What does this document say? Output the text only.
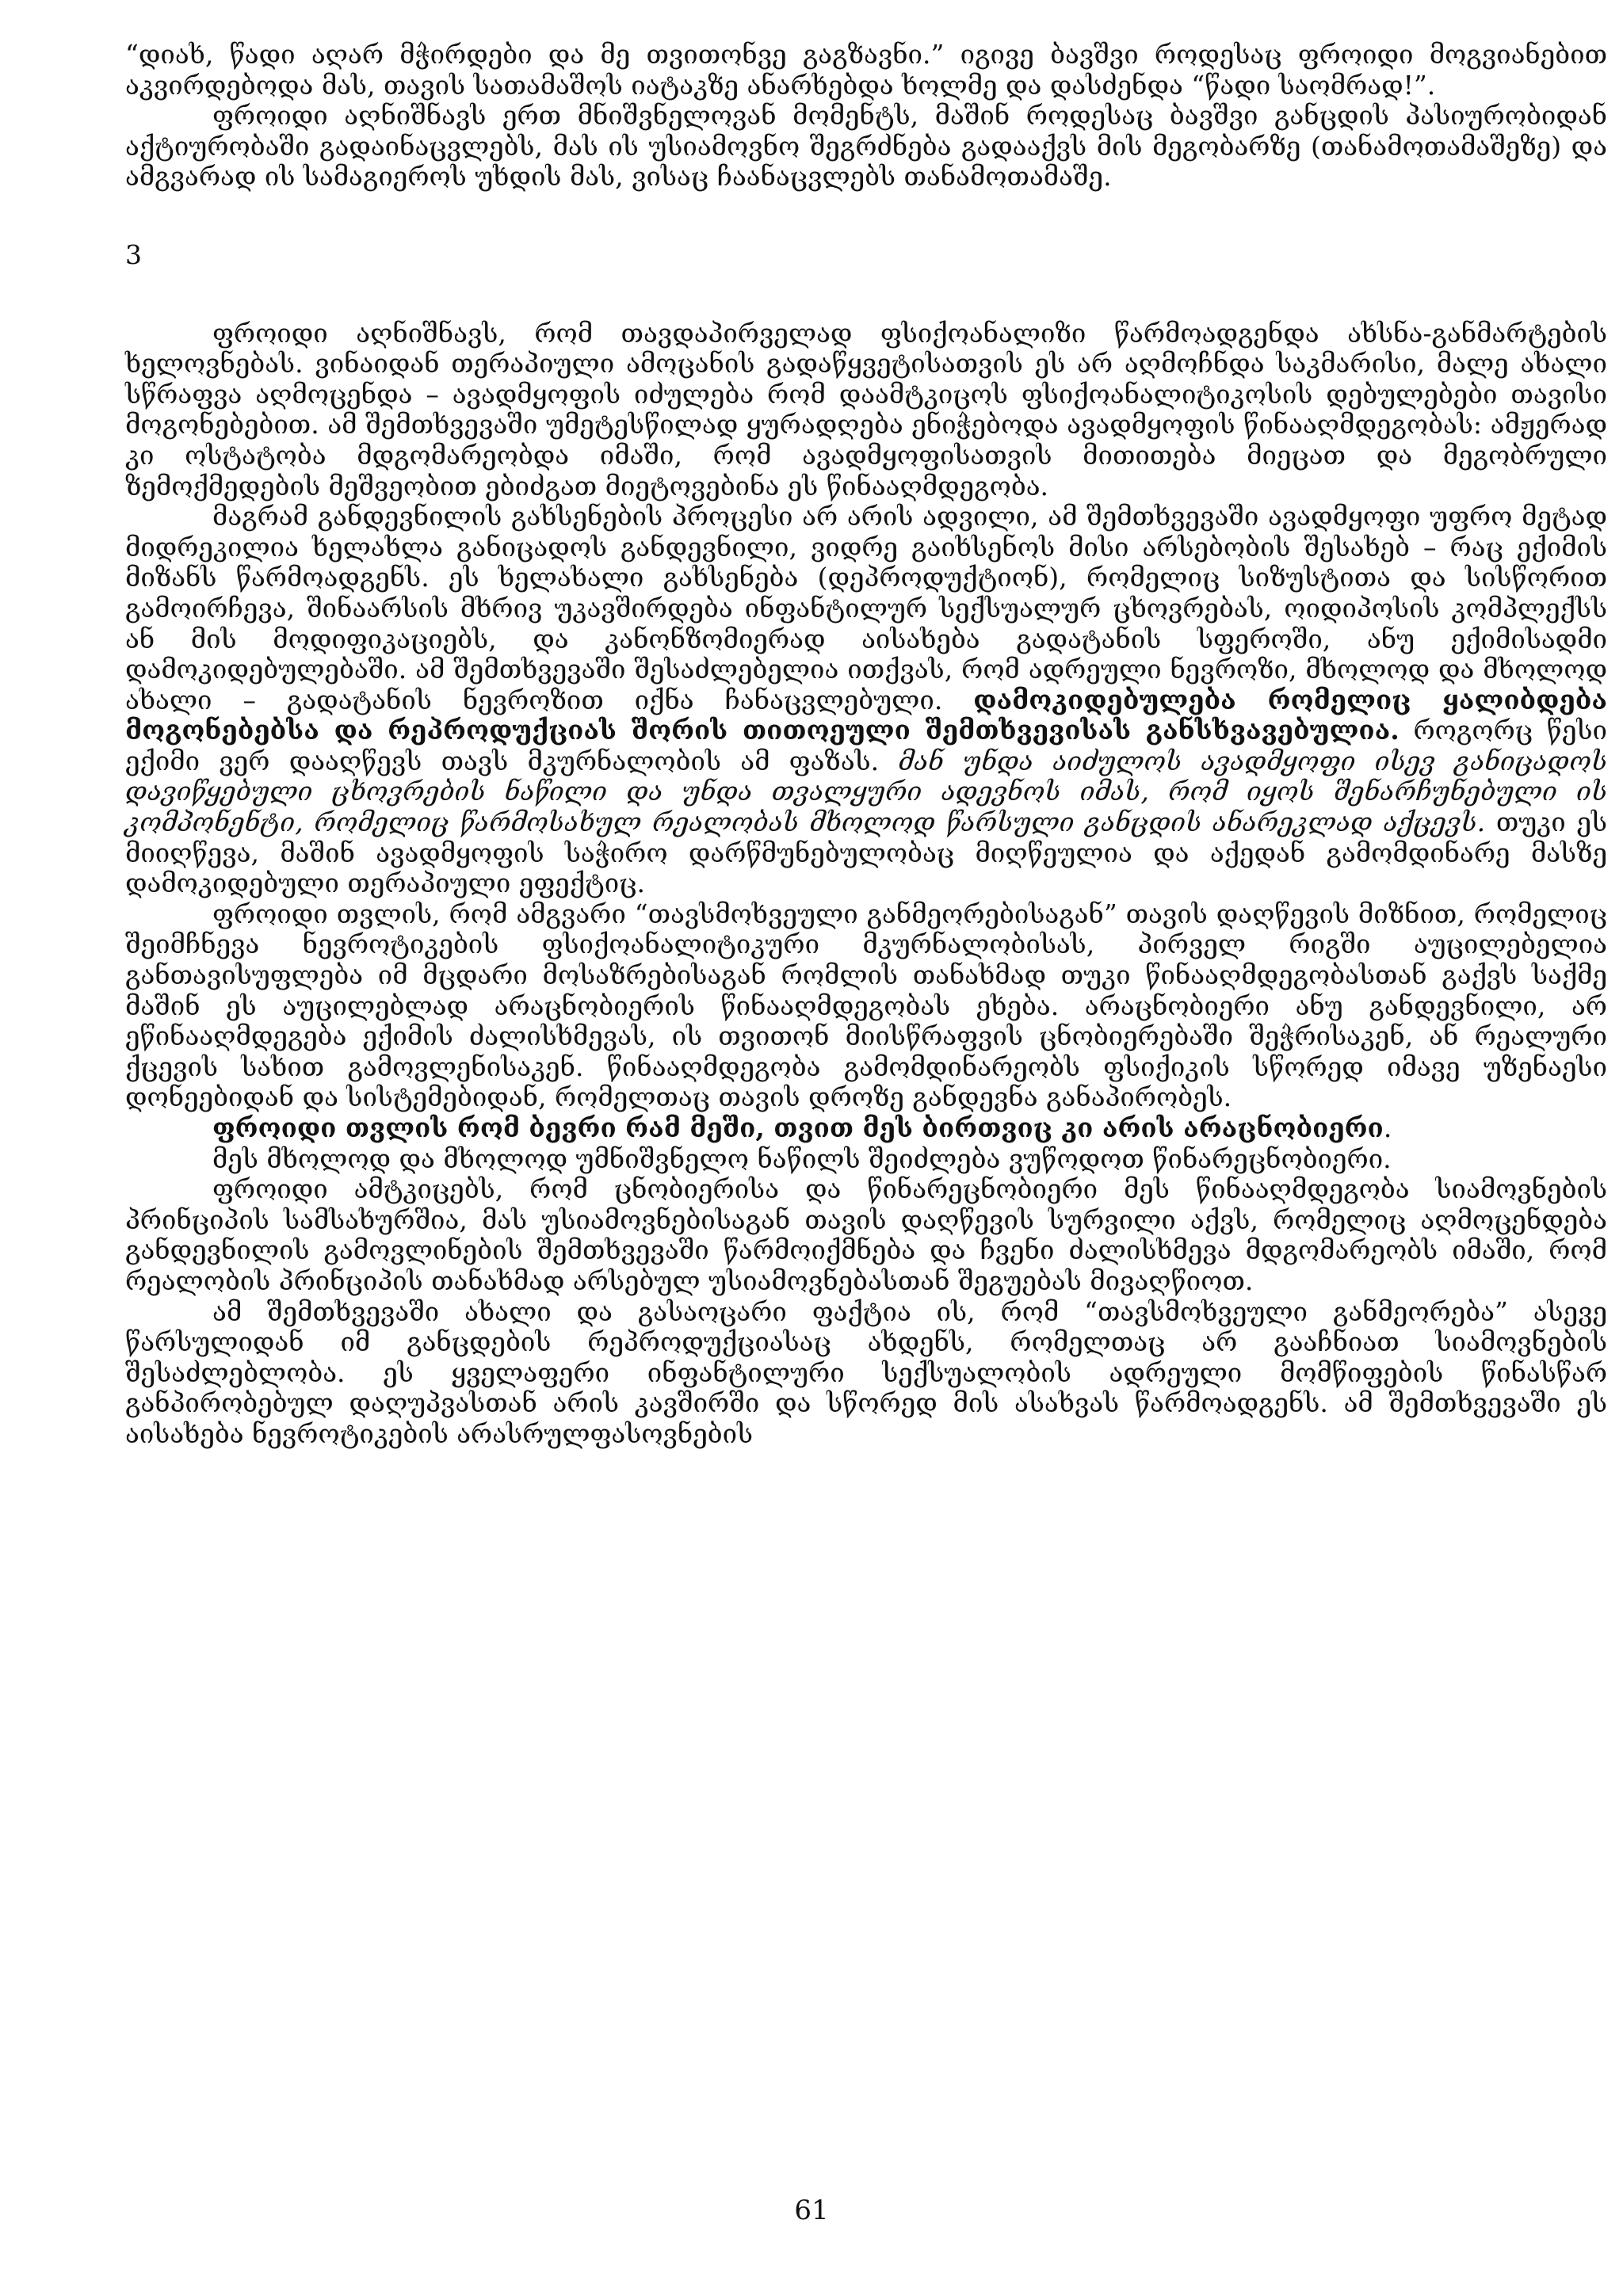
“დიახ, წადი აღარ მჭირდები და მე თვითონვე გაგზავნი.” იგივე ბავშვი როდესაც ფროიდი მოგვიანებით აკვირდებოდა მას, თავის სათამაშოს იატაკზე ანარხებდა ხოლმე და დასძენდა “წადი საომრად!”.

ფროიდი აღნიშნავს ერთ მნიშვნელოვან მომენტს, მაშინ როდესაც ბავშვი განცდის პასიურობიდან აქტიურობაში გადაინაცვლებს, მას ის უსიამოვნო შეგრძნება გადააქვს მის მეგობარზე (თანამოთამაშეზე) და ამგვარად ის სამაგიეროს უხდის მას, ვისაც ჩაანაცვლებს თანამოთამაშე.

3

ფროიდი აღნიშნავს, რომ თავდაპირველად ფსიქოანალიზი წარმოადგენდა ახსნა-განმარტების ხელოვნებას. ვინაიდან თერაპიული ამოცანის გადაწყვეტისათვის ეს არ აღმოჩნდა საკმარისი, მალე ახალი სწრაფვა აღმოცენდა – ავადმყოფის იძულება რომ დაამტკიცოს ფსიქოანალიტიკოსის დებულებები თავისი მოგონებებით. ამ შემთხვევაში უმეტესწილად ყურადღება ენიჭებოდა ავადმყოფის წინააღმდეგობას: ამჟერად კი ოსტატობა მდგომარეობდა იმაში, რომ ავადმყოფისათვის მითითება მიეცათ და მეგობრული ზემოქმედების მეშვეობით ებიძგათ მიეტოვებინა ეს წინააღმდეგობა.

მაგრამ განდევნილის გახსენების პროცესი არ არის ადვილი, ამ შემთხვევაში ავადმყოფი უფრო მეტად მიდრეკილია ხელახლა განიცადოს განდევნილი, ვიდრე გაიხსენოს მისი არსებობის შესახებ – რაც ექიმის მიზანს წარმოადგენს. ეს ხელახალი გახსენება (დეპროდუქტიონ), რომელიც სიზუსტითა და სისწორით გამოირჩევა, შინაარსის მხრივ უკავშირდება ინფანტილურ სექსუალურ ცხოვრებას, ოიდიპოსის კომპლექსს ან მის მოდიფიკაციებს, და კანონზომიერად აისახება გადატანის სფეროში, ანუ ექიმისადმი დამოკიდებულებაში. ამ შემთხვევაში შესაძლებელია ითქვას, რომ ადრეული ნევროზი, მხოლოდ და მხოლოდ ახალი – გადატანის ნევროზით იქნა ჩანაცვლებული. დამოკიდებულება რომელიც ყალიბდება მოგონებებსა და რეპროდუქციას შორის თითოეული შემთხვევისას განსხვავებულია. როგორც წესი ექიმი ვერ დააღწევს თავს მკურნალობის ამ ფაზას. მან უნდა აიძულოს ავადმყოფი ისევ განიცადოს დავიწყებული ცხოვრების ნაწილი და უნდა თვალყური ადევნოს იმას, რომ იყოს შენარჩუნებული ის კომპონენტი, რომელიც წარმოსახულ რეალობას მხოლოდ წარსული განცდის ანარეკლად აქცევს. თუკი ეს მიიღწევა, მაშინ ავადმყოფის საჭირო დარწმუნებულობაც მიღწეულია და აქედან გამომდინარე მასზე დამოკიდებული თერაპიული ეფექტიც.

ფროიდი თვლის, რომ ამგვარი “თავსმოხვეული განმეორებისაგან” თავის დაღწევის მიზნით, რომელიც შეიმჩნევა ნევროტიკების ფსიქოანალიტიკური მკურნალობისას, პირველ რიგში აუცილებელია განთავისუფლება იმ მცდარი მოსაზრებისაგან რომლის თანახმად თუკი წინააღმდეგობასთან გაქვს საქმე მაშინ ეს აუცილებლად არაცნობიერის წინააღმდეგობას ეხება. არაცნობიერი ანუ განდევნილი, არ ეწინააღმდეგება ექიმის ძალისხმევას, ის თვითონ მიისწრაფვის ცნობიერებაში შეჭრისაკენ, ან რეალური ქცევის სახით გამოვლენისაკენ. წინააღმდეგობა გამომდინარეობს ფსიქიკის სწორედ იმავე უზენაესი დონეებიდან და სისტემებიდან, რომელთაც თავის დროზე განდევნა განაპირობეს.

ფროიდი თვლის რომ ბევრი რამ მეში, თვით მეს ბირთვიც კი არის არაცნობიერი.

მეს მხოლოდ და მხოლოდ უმნიშვნელო ნაწილს შეიძლება ვუწოდოთ წინარეცნობიერი.

ფროიდი ამტკიცებს, რომ ცნობიერისა და წინარეცნობიერი მეს წინააღმდეგობა სიამოვნების პრინციპის სამსახურშია, მას უსიამოვნებისაგან თავის დაღწევის სურვილი აქვს, რომელიც აღმოცენდება განდევნილის გამოვლინების შემთხვევაში წარმოიქმნება და ჩვენი ძალისხმევა მდგომარეობს იმაში, რომ რეალობის პრინციპის თანახმად არსებულ უსიამოვნებასთან შეგუებას მივაღწიოთ.

ამ შემთხვევაში ახალი და გასაოცარი ფაქტია ის, რომ “თავსმოხვეული განმეორება” ასევე წარსულიდან იმ განცდების რეპროდუქციასაც ახდენს, რომელთაც არ გააჩნიათ სიამოვნების შესაძლებლობა. ეს ყველაფერი ინფანტილური სექსუალობის ადრეული მომწიფების წინასწარ განპირობებულ დაღუპვასთან არის კავშირში და სწორედ მის ასახვას წარმოადგენს. ამ შემთხვევაში ეს აისახება ნევროტიკების არასრულფასოვნების

61
